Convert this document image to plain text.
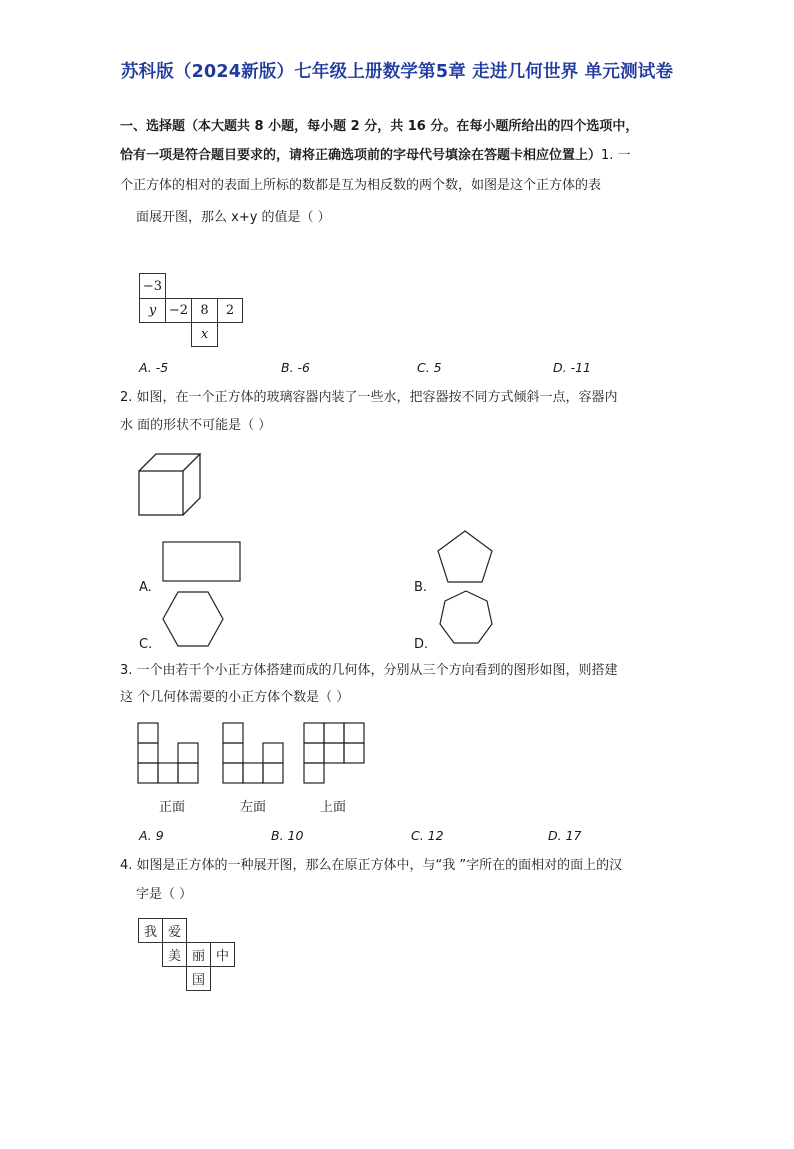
苏科版（2024新版）七年级上册数学第5章 走进几何世界 单元测试卷
一、选择题（本大题共 8 小题，每小题 2 分，共 16 分。在每小题所给出的四个选项中，
恰有一项是符合题目要求的，请将正确选项前的字母代号填涂在答题卡相应位置上）1. 一
个正方体的相对的表面上所标的数都是互为相反数的两个数，如图是这个正方体的表
面展开图，那么 x+y 的值是（ ）
−3
y −2 8	2
x
A. -5	B. -6	C. 5	D. -11
2. 如图，在一个正方体的玻璃容器内装了一些水，把容器按不同方式倾斜一点，容器内
水 面的形状不可能是（ ）
A.	B.
C.	D.
3. 一个由若干个小正方体搭建而成的几何体，分别从三个方向看到的图形如图，则搭建
这 个几何体需要的小正方体个数是（ ）
正面	左面	上面
A. 9	B. 10	C. 12	D. 17
4. 如图是正方体的一种展开图，那么在原正方体中，与“我 ”字所在的面相对的面上的汉
字是（ ）
我 爱
美 丽 中
国
